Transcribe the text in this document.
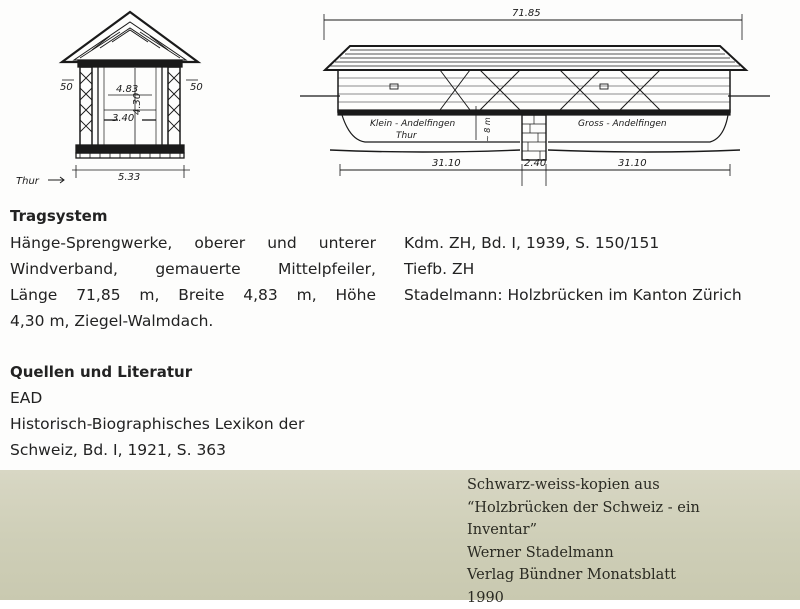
50	50
4.83
4.30
3.40
5.33
Thur
71.85
Klein - Andelfingen	Gross - Andelfingen
Thur	~ 8 m
31.10	2.40	31.10
Tragsystem
Hänge-Sprengwerke, oberer und unterer
Windverband, gemauerte Mittelpfeiler,
Länge 71,85 m, Breite 4,83 m, Höhe
4,30 m, Ziegel-Walmdach.
Kdm. ZH, Bd. I, 1939, S. 150/151
Tiefb. ZH
Stadelmann: Holzbrücken im Kanton Zürich
Quellen und Literatur
EAD
Historisch-Biographisches Lexikon der
Schweiz, Bd. I, 1921, S. 363
Schwarz-weiss-kopien aus
“Holzbrücken der Schweiz - ein
Inventar”
Werner Stadelmann
Verlag Bündner Monatsblatt
1990
